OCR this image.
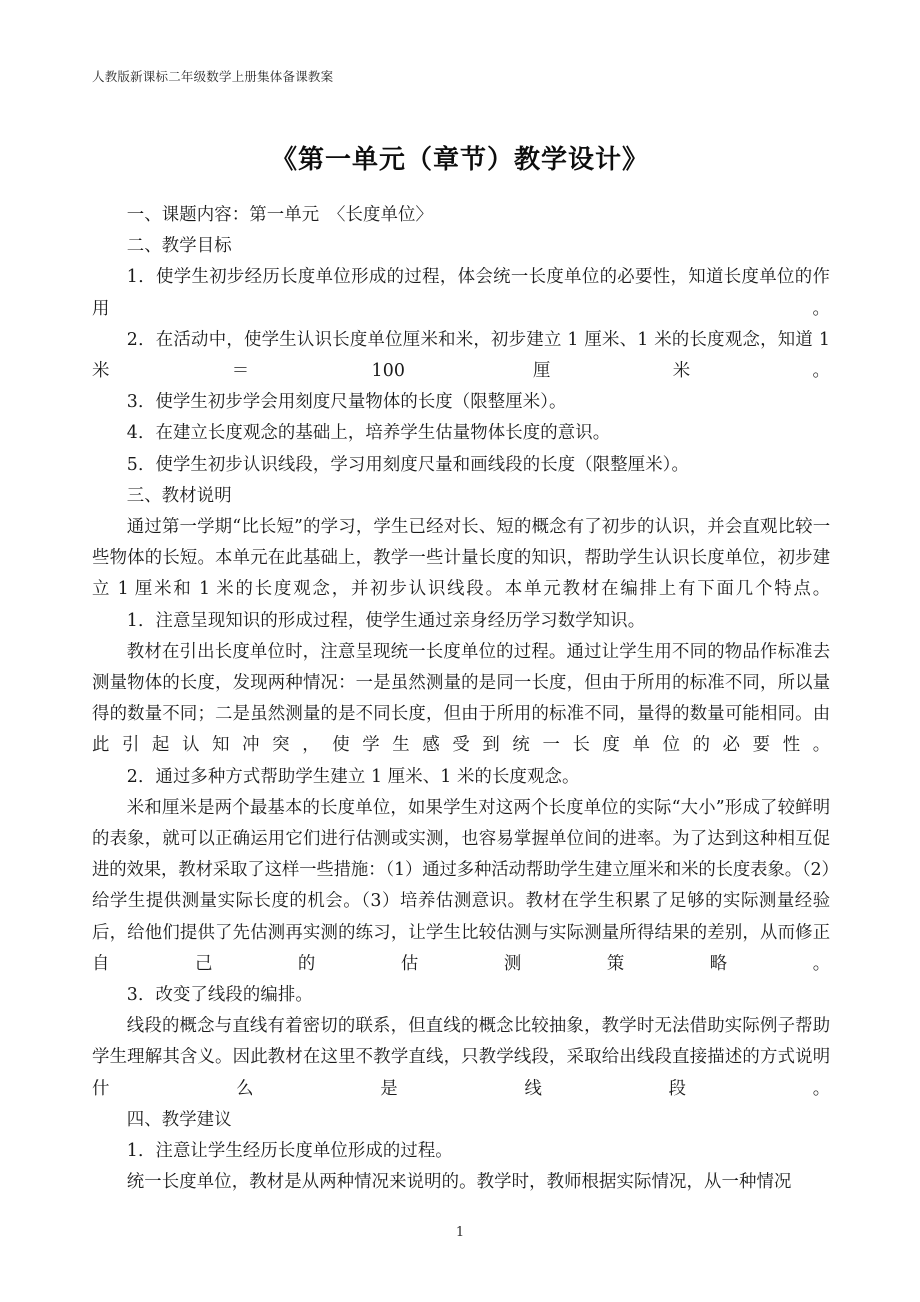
人教版新课标二年级数学上册集体备课教案
《第一单元（章节）教学设计》

一、课题内容：第一单元　〈长度单位〉

二、教学目标

1．使学生初步经历长度单位形成的过程，体会统一长度单位的必要性，知道长度单位的作用。

2．在活动中，使学生认识长度单位厘米和米，初步建立 1 厘米、1 米的长度观念，知道 1 米＝100 厘米。

3．使学生初步学会用刻度尺量物体的长度（限整厘米）。

4．在建立长度观念的基础上，培养学生估量物体长度的意识。

5．使学生初步认识线段，学习用刻度尺量和画线段的长度（限整厘米）。

三、教材说明

通过第一学期“比长短”的学习，学生已经对长、短的概念有了初步的认识，并会直观比较一些物体的长短。本单元在此基础上，教学一些计量长度的知识，帮助学生认识长度单位，初步建立 1 厘米和 1 米的长度观念，并初步认识线段。本单元教材在编排上有下面几个特点。

1．注意呈现知识的形成过程，使学生通过亲身经历学习数学知识。

教材在引出长度单位时，注意呈现统一长度单位的过程。通过让学生用不同的物品作标准去测量物体的长度，发现两种情况：一是虽然测量的是同一长度，但由于所用的标准不同，所以量得的数量不同；二是虽然测量的是不同长度，但由于所用的标准不同，量得的数量可能相同。由此引起认知冲突，使学生感受到统一长度单位的必要性。

2．通过多种方式帮助学生建立 1 厘米、1 米的长度观念。

米和厘米是两个最基本的长度单位，如果学生对这两个长度单位的实际“大小”形成了较鲜明的表象，就可以正确运用它们进行估测或实测，也容易掌握单位间的进率。为了达到这种相互促进的效果，教材采取了这样一些措施：（1）通过多种活动帮助学生建立厘米和米的长度表象。（2）给学生提供测量实际长度的机会。（3）培养估测意识。教材在学生积累了足够的实际测量经验后，给他们提供了先估测再实测的练习，让学生比较估测与实际测量所得结果的差别，从而修正自己的估测策略。

3．改变了线段的编排。

线段的概念与直线有着密切的联系，但直线的概念比较抽象，教学时无法借助实际例子帮助学生理解其含义。因此教材在这里不教学直线，只教学线段，采取给出线段直接描述的方式说明什么是线段。

四、教学建议

1．注意让学生经历长度单位形成的过程。

统一长度单位，教材是从两种情况来说明的。教学时，教师根据实际情况，从一种情况

1
